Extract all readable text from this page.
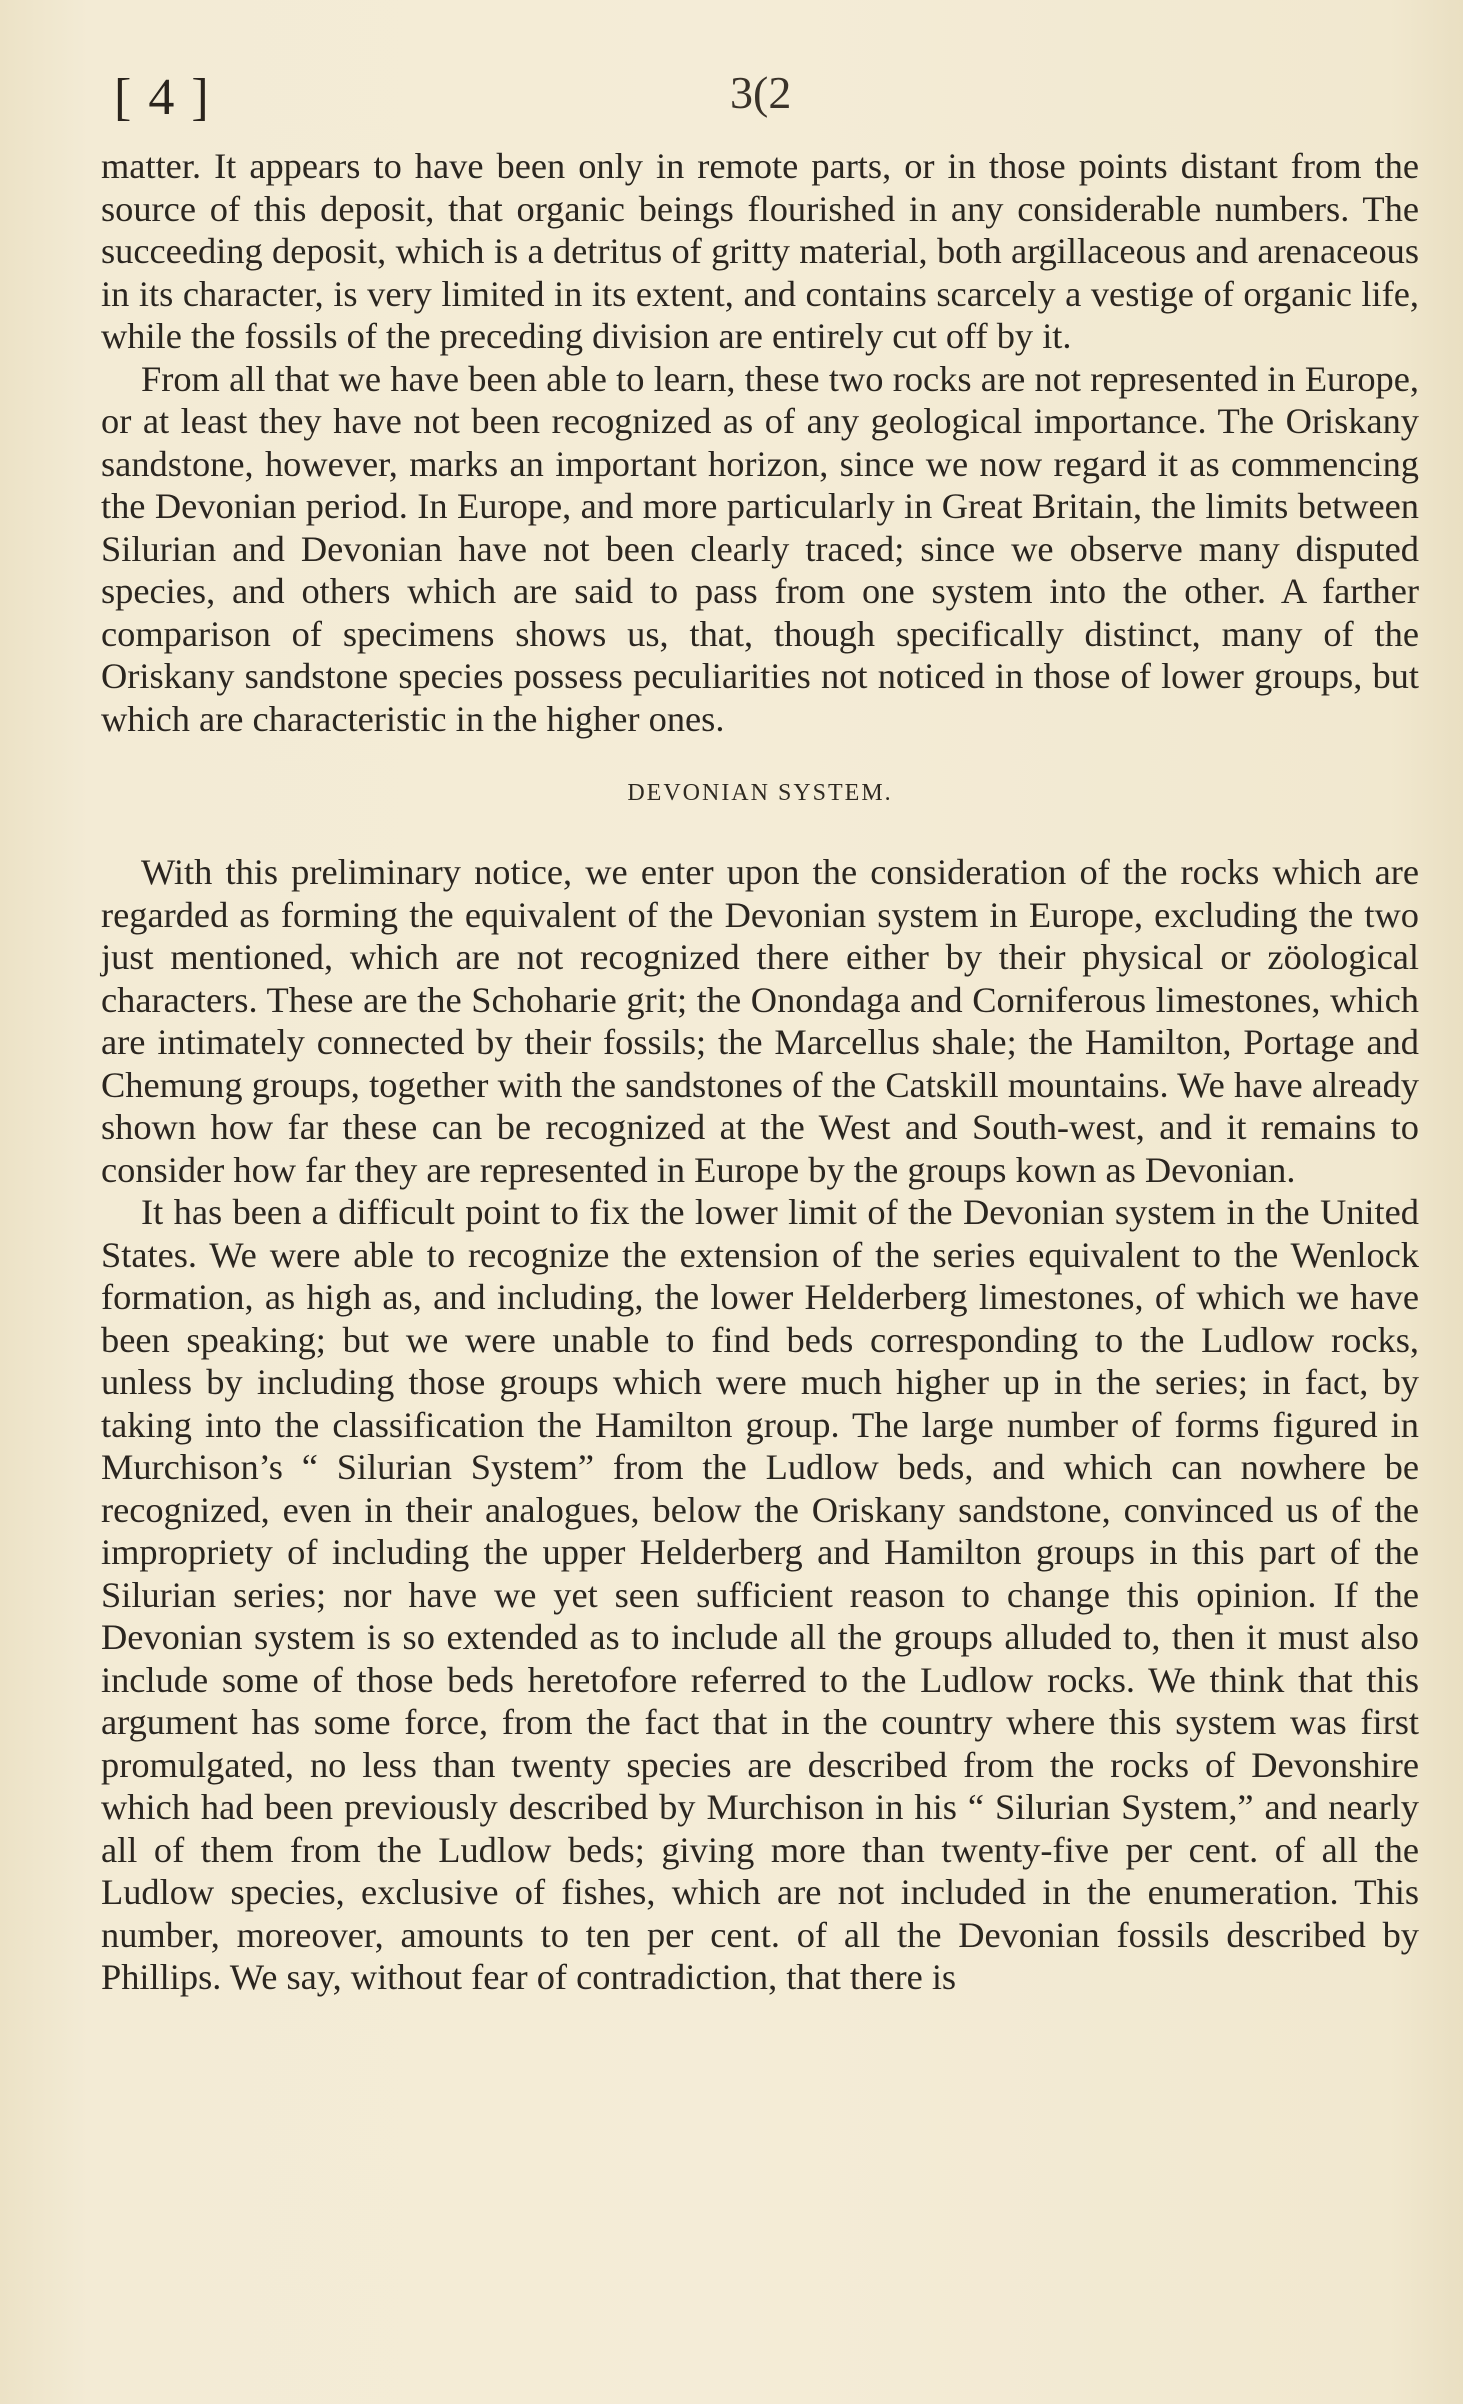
[ 4 ]	3(2

matter. It appears to have been only in remote parts, or in those points distant from the source of this deposit, that organic beings flourished in any considerable numbers. The succeeding deposit, which is a detritus of gritty material, both argillaceous and arenaceous in its character, is very limited in its extent, and contains scarcely a vestige of organic life, while the fossils of the preceding division are entirely cut off by it.

From all that we have been able to learn, these two rocks are not represented in Europe, or at least they have not been recognized as of any geological importance. The Oriskany sandstone, however, marks an important horizon, since we now regard it as commencing the Devonian period. In Europe, and more particularly in Great Britain, the limits between Silurian and Devonian have not been clearly traced; since we observe many disputed species, and others which are said to pass from one system into the other. A farther comparison of specimens shows us, that, though specifically distinct, many of the Oriskany sandstone species possess peculiarities not noticed in those of lower groups, but which are characteristic in the higher ones.

DEVONIAN SYSTEM.

With this preliminary notice, we enter upon the consideration of the rocks which are regarded as forming the equivalent of the Devonian system in Europe, excluding the two just mentioned, which are not recognized there either by their physical or zöological characters. These are the Schoharie grit; the Onondaga and Corniferous limestones, which are intimately connected by their fossils; the Marcellus shale; the Hamilton, Portage and Chemung groups, together with the sandstones of the Catskill mountains. We have already shown how far these can be recognized at the West and South-west, and it remains to consider how far they are represented in Europe by the groups kown as Devonian.

It has been a difficult point to fix the lower limit of the Devonian system in the United States. We were able to recognize the extension of the series equivalent to the Wenlock formation, as high as, and including, the lower Helderberg limestones, of which we have been speaking; but we were unable to find beds corresponding to the Ludlow rocks, unless by including those groups which were much higher up in the series; in fact, by taking into the classification the Hamilton group. The large number of forms figured in Murchison’s “ Silurian System” from the Ludlow beds, and which can nowhere be recognized, even in their analogues, below the Oriskany sandstone, convinced us of the impropriety of including the upper Helderberg and Hamilton groups in this part of the Silurian series; nor have we yet seen sufficient reason to change this opinion. If the Devonian system is so extended as to include all the groups alluded to, then it must also include some of those beds heretofore referred to the Ludlow rocks. We think that this argument has some force, from the fact that in the country where this system was first promulgated, no less than twenty species are described from the rocks of Devonshire which had been previously described by Murchison in his “ Silurian System,” and nearly all of them from the Ludlow beds; giving more than twenty-five per cent. of all the Ludlow species, exclusive of fishes, which are not included in the enumeration. This number, moreover, amounts to ten per cent. of all the Devonian fossils described by Phillips. We say, without fear of contradiction, that there is
